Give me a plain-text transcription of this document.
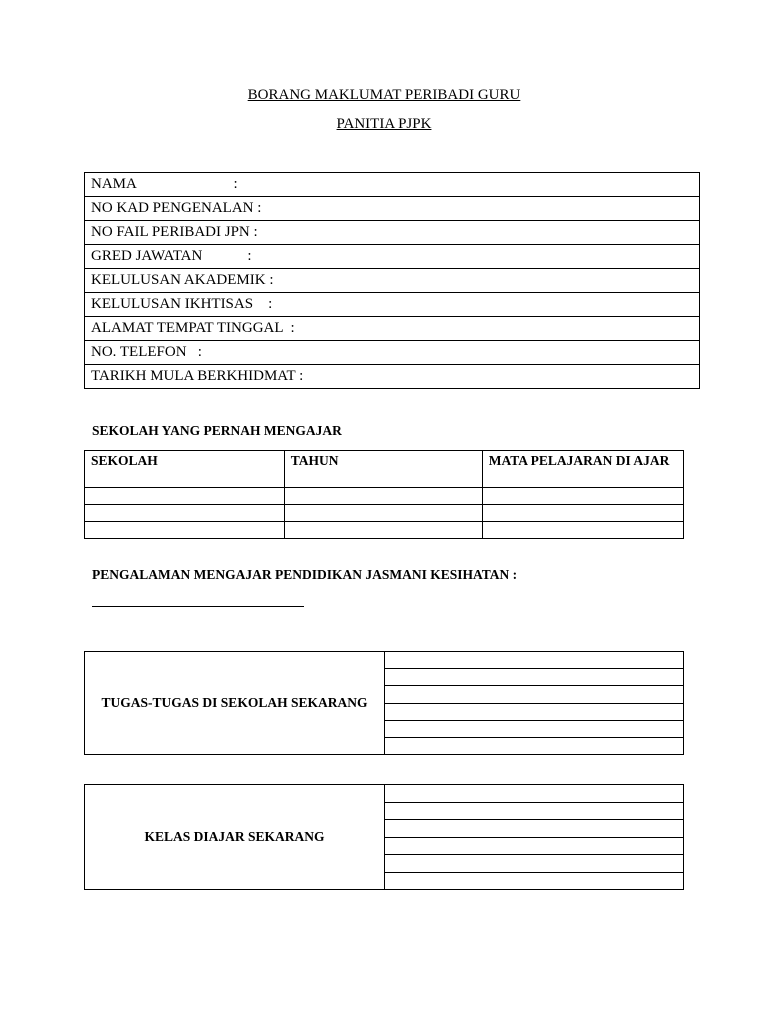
BORANG MAKLUMAT PERIBADI GURU
PANITIA PJPK
NAMA                          :
NO KAD PENGENALAN :
NO FAIL PERIBADI JPN :
GRED JAWATAN            :
KELULUSAN AKADEMIK :
KELULUSAN IKHTISAS    :
ALAMAT TEMPAT TINGGAL  :
NO. TELEFON   :
TARIKH MULA BERKHIDMAT :
SEKOLAH YANG PERNAH MENGAJAR
SEKOLAH	TAHUN	MATA PELAJARAN DI AJAR

PENGALAMAN MENGAJAR PENDIDIKAN JASMANI KESIHATAN :
TUGAS-TUGAS DI SEKOLAH SEKARANG
KELAS DIAJAR SEKARANG
